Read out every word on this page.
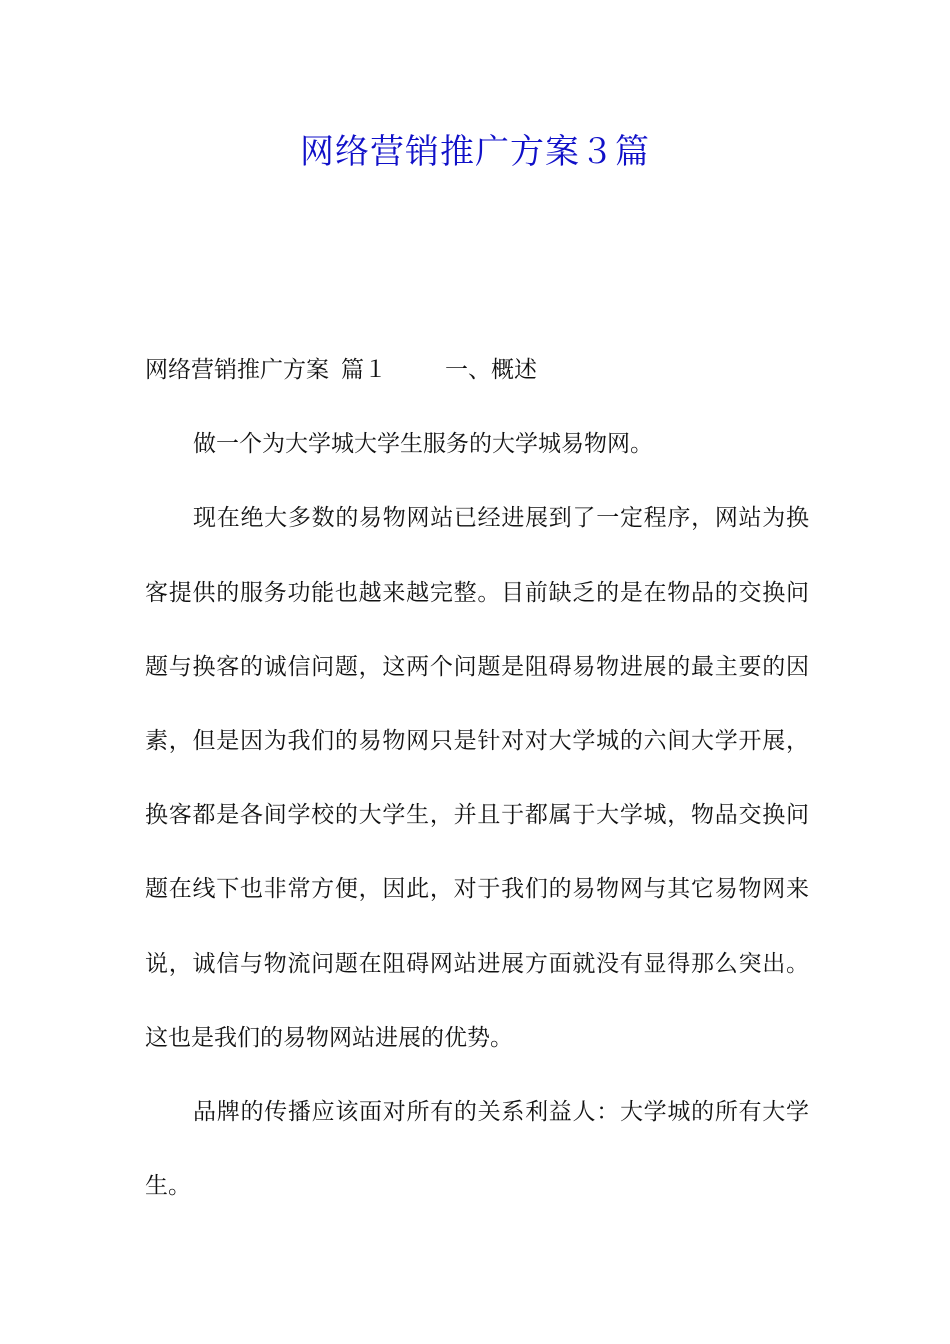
网络营销推广方案３篇

网络营销推广方案 篇１	一、概述

做一个为大学城大学生服务的大学城易物网。

现在绝大多数的易物网站已经进展到了一定程序，网站为换客提供的服务功能也越来越完整。目前缺乏的是在物品的交换问题与换客的诚信问题，这两个问题是阻碍易物进展的最主要的因素，但是因为我们的易物网只是针对对大学城的六间大学开展，换客都是各间学校的大学生，并且于都属于大学城，物品交换问题在线下也非常方便，因此，对于我们的易物网与其它易物网来说，诚信与物流问题在阻碍网站进展方面就没有显得那么突出。这也是我们的易物网站进展的优势。

品牌的传播应该面对所有的关系利益人：大学城的所有大学生。
